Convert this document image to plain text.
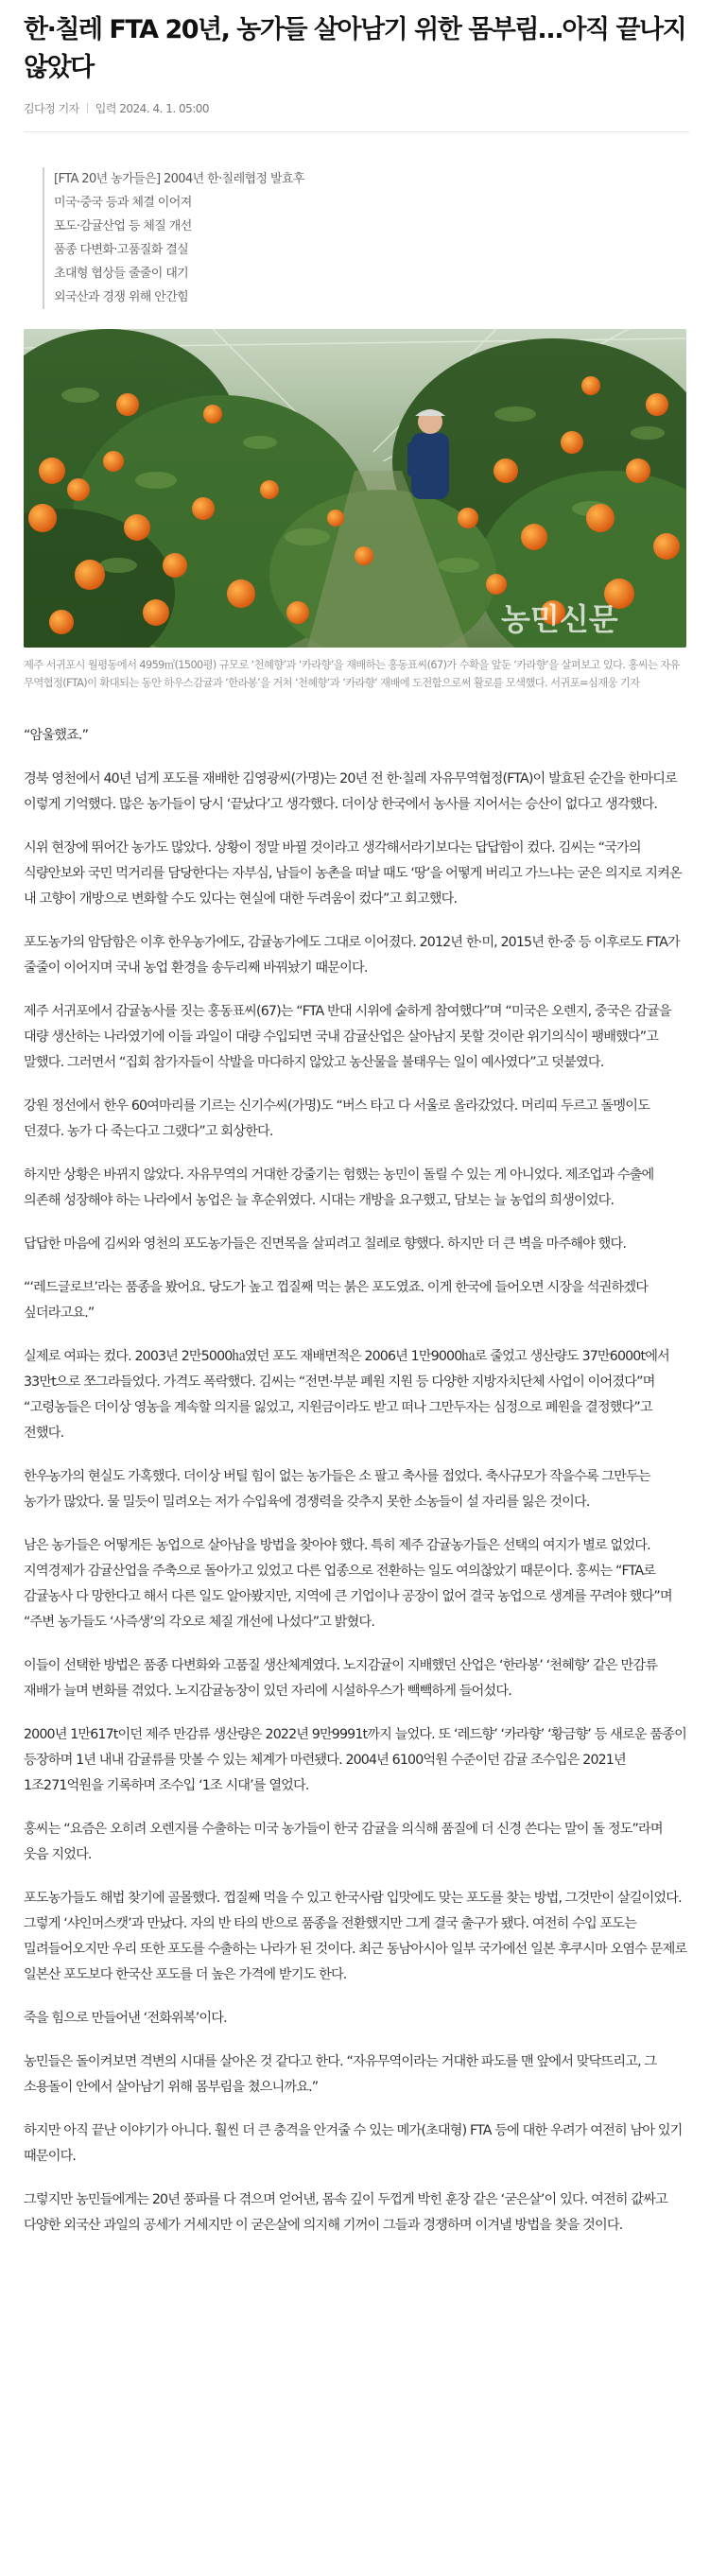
한·칠레 FTA 20년, 농가들 살아남기 위한 몸부림…아직 끝나지 않았다
김다정 기자 입력 2024. 4. 1. 05:00
[FTA 20년 농가들은] 2004년 한·칠레협정 발효후
미국·중국 등과 체결 이어져
포도·감귤산업 등 체질 개선
품종 다변화·고품질화 결실
초대형 협상들 줄줄이 대기
외국산과 경쟁 위해 안간힘
농민신문

제주 서귀포시 월평동에서 4959㎡(1500평) 규모로 ‘천혜향’과 ‘카라향’을 재배하는 홍동표씨(67)가 수확을 앞둔 ‘카라향’을 살펴보고 있다. 홍씨는 자유무역협정(FTA)이 확대되는 동안 하우스감귤과 ‘한라봉’을 거쳐 ‘천혜향’과 ‘카라향’ 재배에 도전함으로써 활로를 모색했다. 서귀포=심재웅 기자

“암울했죠.”

경북 영천에서 40년 넘게 포도를 재배한 김영광씨(가명)는 20년 전 한·칠레 자유무역협정(FTA)이 발효된 순간을 한마디로 이렇게 기억했다. 많은 농가들이 당시 ‘끝났다’고 생각했다. 더이상 한국에서 농사를 지어서는 승산이 없다고 생각했다.

시위 현장에 뛰어간 농가도 많았다. 상황이 정말 바뀔 것이라고 생각해서라기보다는 답답함이 컸다. 김씨는 “국가의 식량안보와 국민 먹거리를 담당한다는 자부심, 남들이 농촌을 떠날 때도 ‘땅’을 어떻게 버리고 가느냐는 굳은 의지로 지켜온 내 고향이 개방으로 변화할 수도 있다는 현실에 대한 두려움이 컸다”고 회고했다.

포도농가의 암담함은 이후 한우농가에도, 감귤농가에도 그대로 이어졌다. 2012년 한·미, 2015년 한·중 등 이후로도 FTA가 줄줄이 이어지며 국내 농업 환경을 송두리째 바꿔놨기 때문이다.

제주 서귀포에서 감귤농사를 짓는 홍동표씨(67)는 “FTA 반대 시위에 숱하게 참여했다”며 “미국은 오렌지, 중국은 감귤을 대량 생산하는 나라였기에 이들 과일이 대량 수입되면 국내 감귤산업은 살아남지 못할 것이란 위기의식이 팽배했다”고 말했다. 그러면서 “집회 참가자들이 삭발을 마다하지 않았고 농산물을 불태우는 일이 예사였다”고 덧붙였다.

강원 정선에서 한우 60여마리를 기르는 신기수씨(가명)도 “버스 타고 다 서울로 올라갔었다. 머리띠 두르고 돌멩이도 던졌다. 농가 다 죽는다고 그랬다”고 회상한다.

하지만 상황은 바뀌지 않았다. 자유무역의 거대한 강줄기는 험했는 농민이 돌릴 수 있는 게 아니었다. 제조업과 수출에 의존해 성장해야 하는 나라에서 농업은 늘 후순위였다. 시대는 개방을 요구했고, 담보는 늘 농업의 희생이었다.

답답한 마음에 김씨와 영천의 포도농가들은 진면목을 살피려고 칠레로 향했다. 하지만 더 큰 벽을 마주해야 했다.

“‘레드글로브’라는 품종을 봤어요. 당도가 높고 껍질째 먹는 붉은 포도였죠. 이게 한국에 들어오면 시장을 석권하겠다 싶더라고요.”

실제로 여파는 컸다. 2003년 2만5000㏊였던 포도 재배면적은 2006년 1만9000㏊로 줄었고 생산량도 37만6000t에서 33만t으로 쪼그라들었다. 가격도 폭락했다. 김씨는 “전면·부분 폐원 지원 등 다양한 지방자치단체 사업이 이어졌다”며 “고령농들은 더이상 영농을 계속할 의지를 잃었고, 지원금이라도 받고 떠나 그만두자는 심정으로 폐원을 결정했다”고 전했다.

한우농가의 현실도 가혹했다. 더이상 버틸 힘이 없는 농가들은 소 팔고 축사를 접었다. 축사규모가 작을수록 그만두는 농가가 많았다. 물 밀듯이 밀려오는 저가 수입육에 경쟁력을 갖추지 못한 소농들이 설 자리를 잃은 것이다.

남은 농가들은 어떻게든 농업으로 살아남을 방법을 찾아야 했다. 특히 제주 감귤농가들은 선택의 여지가 별로 없었다. 지역경제가 감귤산업을 주축으로 돌아가고 있었고 다른 업종으로 전환하는 일도 여의찮았기 때문이다. 홍씨는 “FTA로 감귤농사 다 망한다고 해서 다른 일도 알아봤지만, 지역에 큰 기업이나 공장이 없어 결국 농업으로 생계를 꾸려야 했다”며 “주변 농가들도 ‘사즉생’의 각오로 체질 개선에 나섰다”고 밝혔다.

이들이 선택한 방법은 품종 다변화와 고품질 생산체계였다. 노지감귤이 지배했던 산업은 ‘한라봉’ ‘천혜향’ 같은 만감류 재배가 늘며 변화를 겪었다. 노지감귤농장이 있던 자리에 시설하우스가 빽빽하게 들어섰다.

2000년 1만617t이던 제주 만감류 생산량은 2022년 9만9991t까지 늘었다. 또 ‘레드향’ ‘카라향’ ‘황금향’ 등 새로운 품종이 등장하며 1년 내내 감귤류를 맛볼 수 있는 체계가 마련됐다. 2004년 6100억원 수준이던 감귤 조수입은 2021년 1조271억원을 기록하며 조수입 ‘1조 시대’를 열었다.

홍씨는 “요즘은 오히려 오렌지를 수출하는 미국 농가들이 한국 감귤을 의식해 품질에 더 신경 쓴다는 말이 돌 정도”라며 웃음 지었다.

포도농가들도 해법 찾기에 골몰했다. 껍질째 먹을 수 있고 한국사람 입맛에도 맞는 포도를 찾는 방법, 그것만이 살길이었다. 그렇게 ‘샤인머스캣’과 만났다. 자의 반 타의 반으로 품종을 전환했지만 그게 결국 출구가 됐다. 여전히 수입 포도는 밀려들어오지만 우리 또한 포도를 수출하는 나라가 된 것이다. 최근 동남아시아 일부 국가에선 일본 후쿠시마 오염수 문제로 일본산 포도보다 한국산 포도를 더 높은 가격에 받기도 한다.

죽을 힘으로 만들어낸 ‘전화위복’이다.

농민들은 돌이켜보면 격변의 시대를 살아온 것 같다고 한다. “자유무역이라는 거대한 파도를 맨 앞에서 맞닥뜨리고, 그 소용돌이 안에서 살아남기 위해 몸부림을 쳤으니까요.”

하지만 아직 끝난 이야기가 아니다. 훨씬 더 큰 충격을 안겨줄 수 있는 메가(초대형) FTA 등에 대한 우려가 여전히 남아 있기 때문이다.

그렇지만 농민들에게는 20년 풍파를 다 겪으며 얻어낸, 몸속 깊이 두껍게 박힌 훈장 같은 ‘굳은살’이 있다. 여전히 값싸고 다양한 외국산 과일의 공세가 거세지만 이 굳은살에 의지해 기꺼이 그들과 경쟁하며 이겨낼 방법을 찾을 것이다.
